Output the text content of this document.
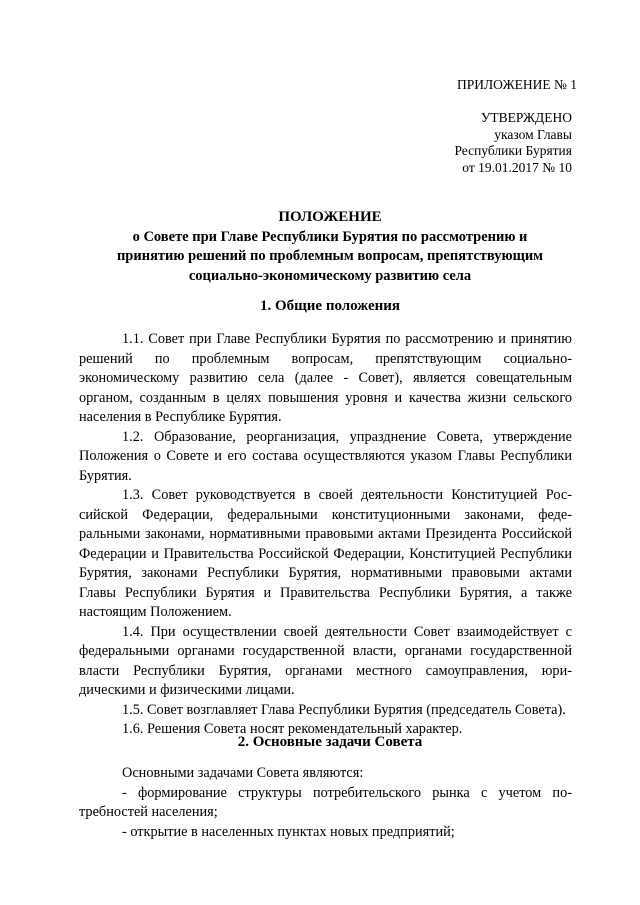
ПРИЛОЖЕНИЕ № 1
УТВЕРЖДЕНО
указом Главы
Республики Бурятия
от 19.01.2017 № 10
ПОЛОЖЕНИЕ
о Совете при Главе Республики Бурятия по рассмотрению и
принятию решений по проблемным вопросам, препятствующим
социально-экономическому развитию села
1. Общие положения

1.1. Совет при Главе Республики Бурятия по рассмотрению и принятию решений по проблемным вопросам, препятствующим социально-экономическому развитию села (далее - Совет), является совещательным органом, созданным в целях повышения уровня и качества жизни сельского населения в Республике Бурятия.

1.2. Образование, реорганизация, упразднение Совета, утверждение Положения о Совете и его состава осуществляются указом Главы Республики Бурятия.

1.3. Совет руководствуется в своей деятельности Конституцией Российской Федерации, федеральными конституционными законами, федеральными законами, нормативными правовыми актами Президента Российской Федерации и Правительства Российской Федерации, Конституцией Республики Бурятия, законами Республики Бурятия, нормативными правовыми актами Главы Республики Бурятия и Правительства Республики Бурятия, а также настоящим Положением.

1.4. При осуществлении своей деятельности Совет взаимодействует с федеральными органами государственной власти, органами государственной власти Республики Бурятия, органами местного самоуправления, юридическими и физическими лицами.

1.5. Совет возглавляет Глава Республики Бурятия (председатель Совета).

1.6. Решения Совета носят рекомендательный характер.

2. Основные задачи Совета

Основными задачами Совета являются:

- формирование структуры потребительского рынка с учетом потребностей населения;

- открытие в населенных пунктах новых предприятий;
